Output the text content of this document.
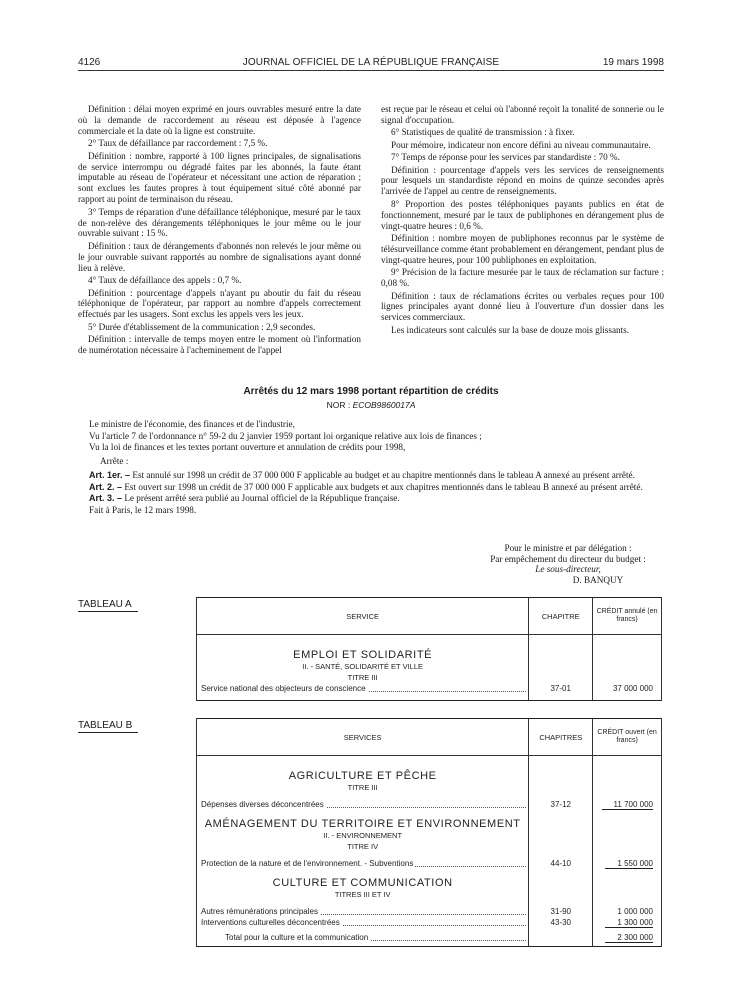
4126	JOURNAL OFFICIEL DE LA RÉPUBLIQUE FRANÇAISE	19 mars 1998

Définition : délai moyen exprimé en jours ouvrables mesuré entre la date où la demande de raccordement au réseau est déposée à l'agence commerciale et la date où la ligne est construite.

2° Taux de défaillance par raccordement : 7,5 %.

Définition : nombre, rapporté à 100 lignes principales, de signalisations de service interrompu ou dégradé faites par les abonnés, la faute étant imputable au réseau de l'opérateur et nécessitant une action de réparation ; sont exclues les fautes propres à tout équipement situé côté abonné par rapport au point de terminaison du réseau.

3° Temps de réparation d'une défaillance téléphonique, mesuré par le taux de non-relève des dérangements téléphoniques le jour même ou le jour ouvrable suivant : 15 %.

Définition : taux de dérangements d'abonnés non relevés le jour même ou le jour ouvrable suivant rapportés au nombre de signalisations ayant donné lieu à relève.

4° Taux de défaillance des appels : 0,7 %.

Définition : pourcentage d'appels n'ayant pu aboutir du fait du réseau téléphonique de l'opérateur, par rapport au nombre d'appels correctement effectués par les usagers. Sont exclus les appels vers les jeux.

5° Durée d'établissement de la communication : 2,9 secondes.

Définition : intervalle de temps moyen entre le moment où l'information de numérotation nécessaire à l'acheminement de l'appel

est reçue par le réseau et celui où l'abonné reçoit la tonalité de sonnerie ou le signal d'occupation.

6° Statistiques de qualité de transmission : à fixer.

Pour mémoire, indicateur non encore défini au niveau communautaire.

7° Temps de réponse pour les services par standardiste : 70 %.

Définition : pourcentage d'appels vers les services de renseignements pour lesquels un standardiste répond en moins de quinze secondes après l'arrivée de l'appel au centre de renseignements.

8° Proportion des postes téléphoniques payants publics en état de fonctionnement, mesuré par le taux de publiphones en dérangement plus de vingt-quatre heures : 0,6 %.

Définition : nombre moyen de publiphones reconnus par le système de télésurveillance comme étant probablement en dérangement, pendant plus de vingt-quatre heures, pour 100 publiphones en exploitation.

9° Précision de la facture mesurée par le taux de réclamation sur facture : 0,08 %.

Définition : taux de réclamations écrites ou verbales reçues pour 100 lignes principales ayant donné lieu à l'ouverture d'un dossier dans les services commerciaux.

Les indicateurs sont calculés sur la base de douze mois glissants.

Arrêtés du 12 mars 1998 portant répartition de crédits
NOR : ECOB9860017A

Le ministre de l'économie, des finances et de l'industrie,

Vu l'article 7 de l'ordonnance n° 59-2 du 2 janvier 1959 portant loi organique relative aux lois de finances ;

Vu la loi de finances et les textes portant ouverture et annulation de crédits pour 1998,

Arrête :

Art. 1er. – Est annulé sur 1998 un crédit de 37 000 000 F applicable au budget et au chapitre mentionnés dans le tableau A annexé au présent arrêté.

Art. 2. – Est ouvert sur 1998 un crédit de 37 000 000 F applicable aux budgets et aux chapitres mentionnés dans le tableau B annexé au présent arrêté.

Art. 3. – Le présent arrêté sera publié au Journal officiel de la République française.

Fait à Paris, le 12 mars 1998.

Pour le ministre et par délégation :
Par empêchement du directeur du budget :
Le sous-directeur,
D. BANQUY
TABLEAU A
SERVICE	CHAPITRE	CRÉDIT annulé (en francs)
EMPLOI ET SOLIDARITÉ		
II. - SANTÉ, SOLIDARITÉ ET VILLE		
TITRE III		

Service national des objecteurs de conscience	37-01	37 000 000

TABLEAU B
SERVICES	CHAPITRES	CRÉDIT ouvert (en francs)
AGRICULTURE ET PÊCHE		
TITRE III		

Dépenses diverses déconcentrées	37-12	11 700 000
AMÉNAGEMENT DU TERRITOIRE ET ENVIRONNEMENT		
II. - ENVIRONNEMENT		
TITRE IV		

Protection de la nature et de l'environnement. - Subventions	44-10	1 550 000
CULTURE ET COMMUNICATION		
TITRES III ET IV		

Autres rémunérations principales	31-90	1 000 000

Interventions culturelles déconcentrées	43-30	1 300 000

Total pour la culture et la communication		2 300 000
